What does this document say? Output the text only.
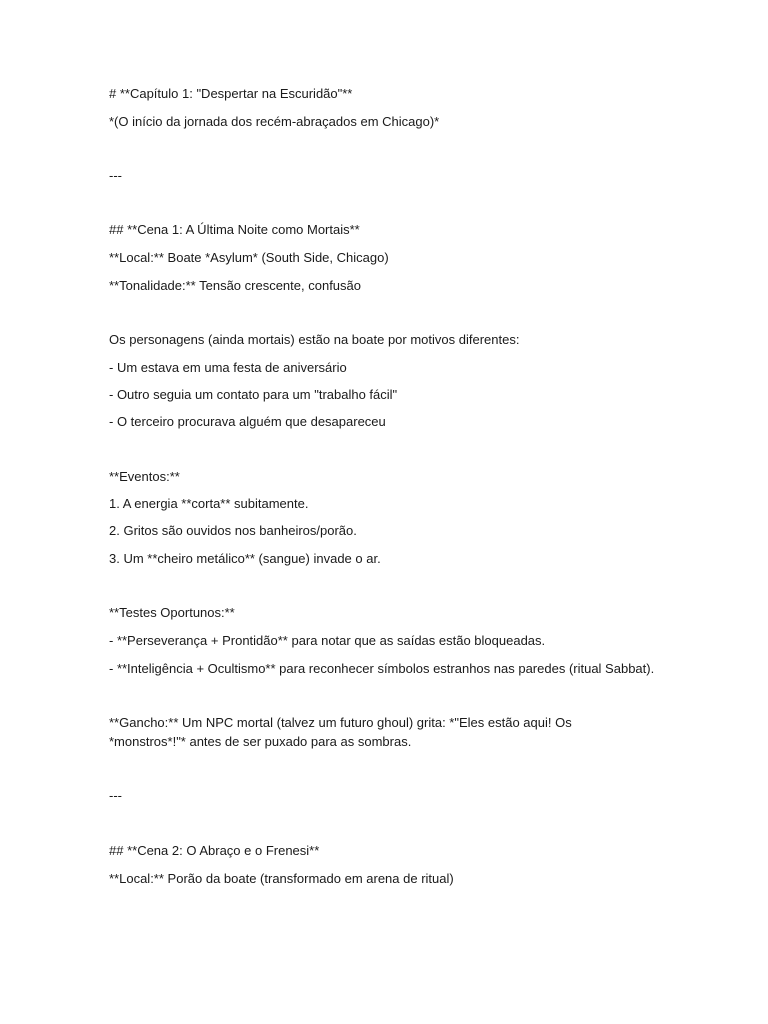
# **Capítulo 1: "Despertar na Escuridão"**
*(O início da jornada dos recém-abraçados em Chicago)*
---
## **Cena 1: A Última Noite como Mortais**
**Local:** Boate *Asylum* (South Side, Chicago)
**Tonalidade:** Tensão crescente, confusão
Os personagens (ainda mortais) estão na boate por motivos diferentes:
- Um estava em uma festa de aniversário
- Outro seguia um contato para um "trabalho fácil"
- O terceiro procurava alguém que desapareceu
**Eventos:**
1. A energia **corta** subitamente.
2. Gritos são ouvidos nos banheiros/porão.
3. Um **cheiro metálico** (sangue) invade o ar.
**Testes Oportunos:**
- **Perseverança + Prontidão** para notar que as saídas estão bloqueadas.
- **Inteligência + Ocultismo** para reconhecer símbolos estranhos nas paredes (ritual Sabbat).
**Gancho:** Um NPC mortal (talvez um futuro ghoul) grita: *"Eles estão aqui! Os
*monstros*!"* antes de ser puxado para as sombras.
---
## **Cena 2: O Abraço e o Frenesi**
**Local:** Porão da boate (transformado em arena de ritual)
